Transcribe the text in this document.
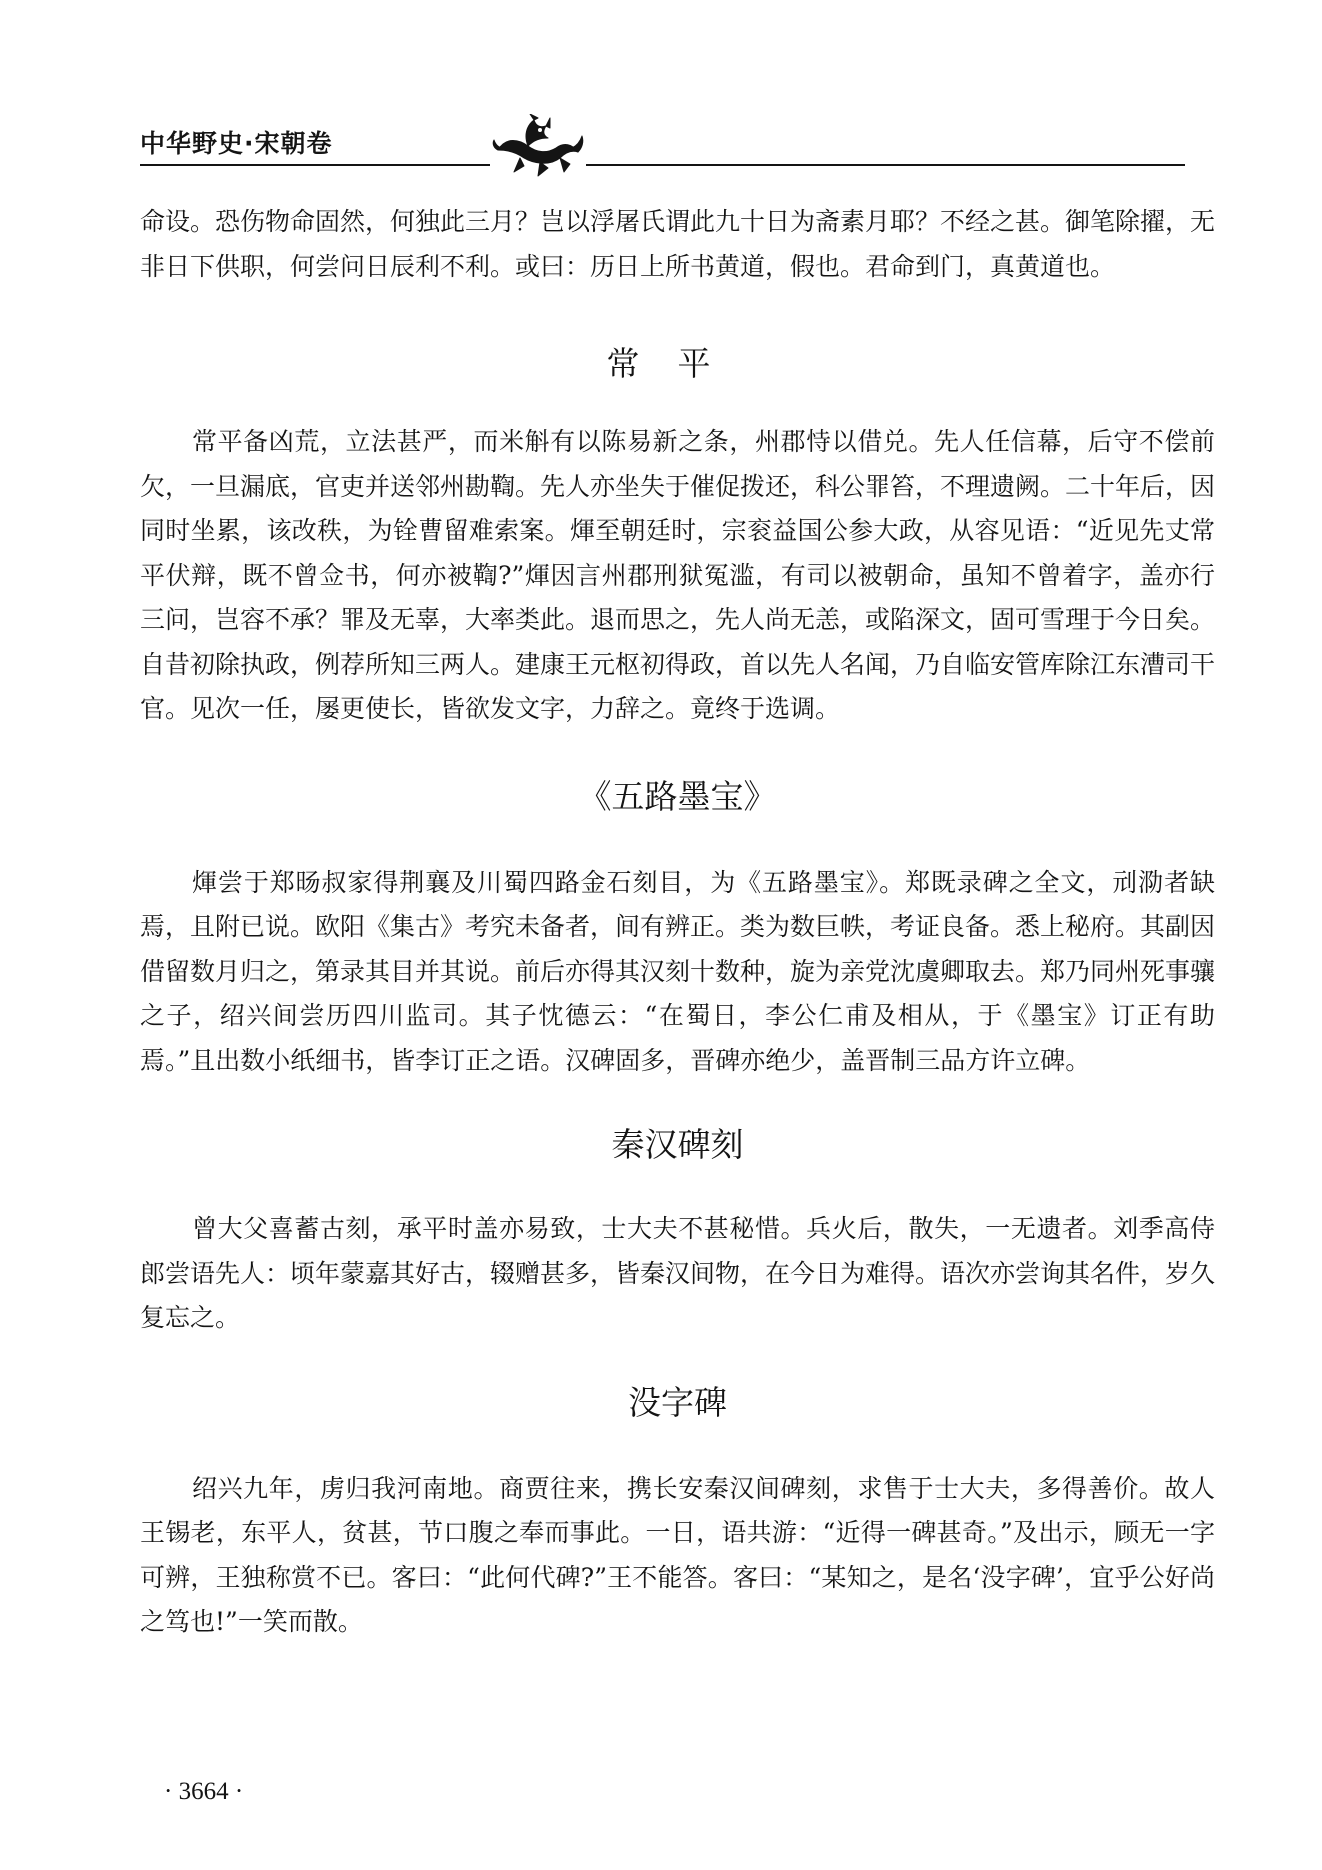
中华野史·宋朝卷

命设。恐伤物命固然，何独此三月？岂以浮屠氏谓此九十日为斋素月耶？不经之甚。御笔除擢，无非日下供职，何尝问日辰利不利。或曰：历日上所书黄道，假也。君命到门，真黄道也。

常平

常平备凶荒，立法甚严，而米斛有以陈易新之条，州郡恃以借兑。先人任信幕，后守不偿前欠，一旦漏底，官吏并送邻州勘鞫。先人亦坐失于催促拨还，科公罪笞，不理遗阙。二十年后，因同时坐累，该改秩，为铨曹留难索案。煇至朝廷时，宗衮益国公参大政，从容见语：“近见先丈常平伏辩，既不曾佥书，何亦被鞫?”煇因言州郡刑狱冤滥，有司以被朝命，虽知不曾着字，盖亦行三问，岂容不承？罪及无辜，大率类此。退而思之，先人尚无恙，或陷深文，固可雪理于今日矣。自昔初除执政，例荐所知三两人。建康王元枢初得政，首以先人名闻，乃自临安管库除江东漕司干官。见次一任，屡更使长，皆欲发文字，力辞之。竟终于选调。

《五路墨宝》

煇尝于郑旸叔家得荆襄及川蜀四路金石刻目，为《五路墨宝》。郑既录碑之全文，刓泐者缺焉，且附已说。欧阳《集古》考究未备者，间有辨正。类为数巨帙，考证良备。悉上秘府。其副因借留数月归之，第录其目并其说。前后亦得其汉刻十数种，旋为亲党沈虞卿取去。郑乃同州死事骧之子，绍兴间尝历四川监司。其子忱德云：“在蜀日，李公仁甫及相从，于《墨宝》订正有助焉。”且出数小纸细书，皆李订正之语。汉碑固多，晋碑亦绝少，盖晋制三品方许立碑。

秦汉碑刻

曾大父喜蓄古刻，承平时盖亦易致，士大夫不甚秘惜。兵火后，散失，一无遗者。刘季高侍郎尝语先人：顷年蒙嘉其好古，辍赠甚多，皆秦汉间物，在今日为难得。语次亦尝询其名件，岁久复忘之。

没字碑

绍兴九年，虏归我河南地。商贾往来，携长安秦汉间碑刻，求售于士大夫，多得善价。故人王锡老，东平人，贫甚，节口腹之奉而事此。一日，语共游：“近得一碑甚奇。”及出示，顾无一字可辨，王独称赏不已。客曰：“此何代碑?”王不能答。客曰：“某知之，是名‘没字碑’，宜乎公好尚之笃也!”一笑而散。

· 3664 ·
